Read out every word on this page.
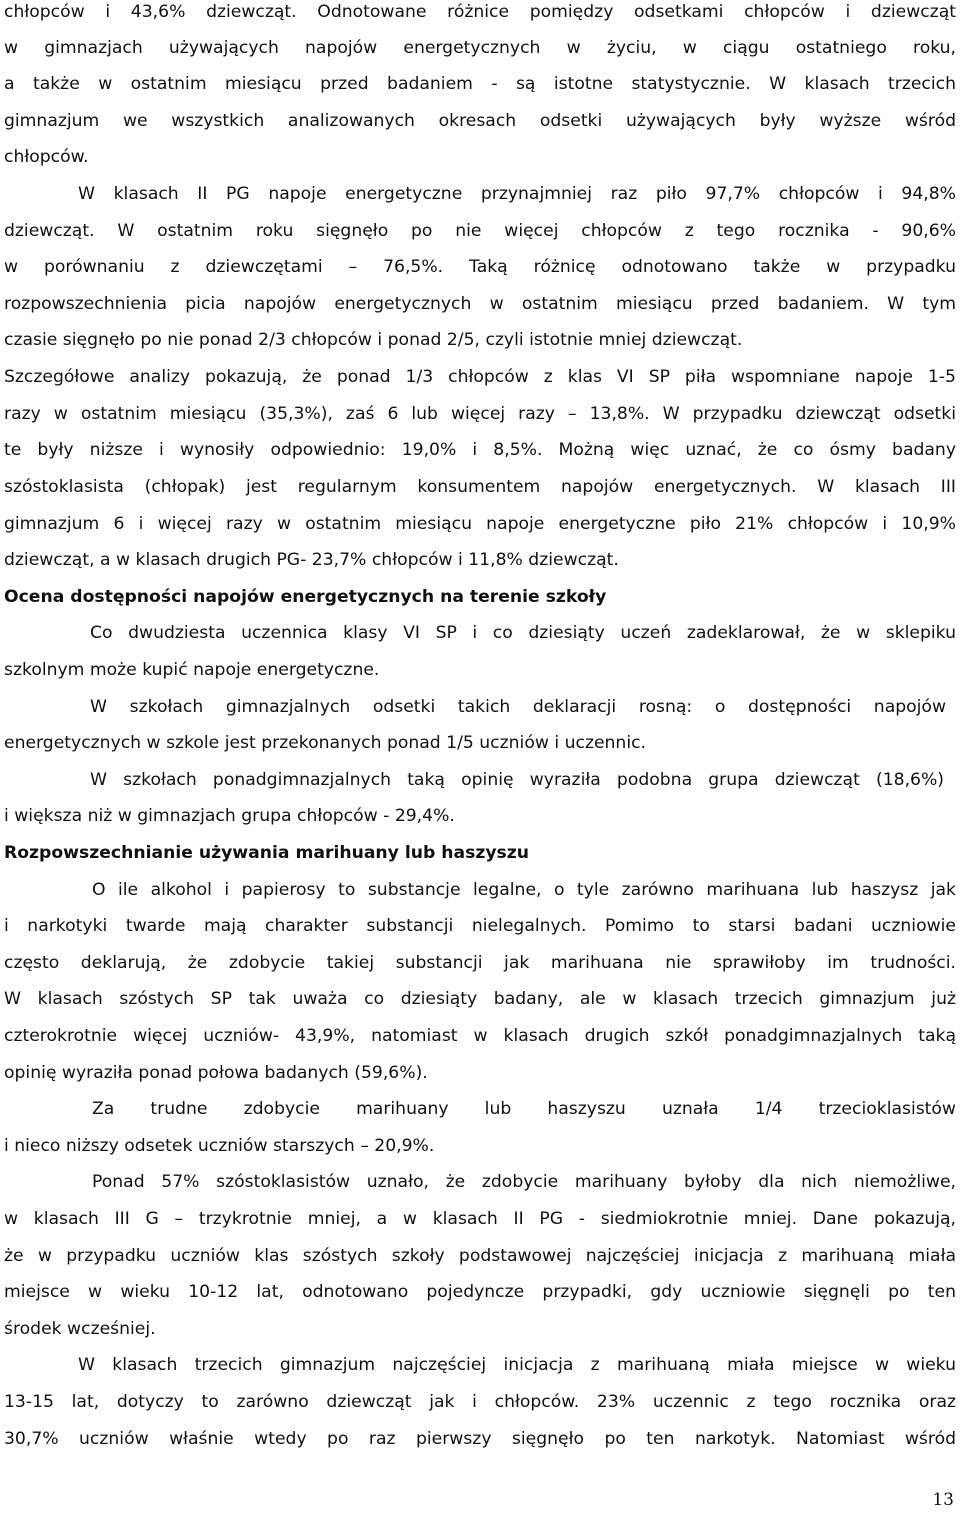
chłopców i 43,6% dziewcząt. Odnotowane różnice pomiędzy odsetkami chłopców i dziewcząt
w gimnazjach używających napojów energetycznych w życiu, w ciągu ostatniego roku,
a także w ostatnim miesiącu przed badaniem - są istotne statystycznie. W klasach trzecich
gimnazjum we wszystkich analizowanych okresach odsetki używających były wyższe wśród
chłopców.
W klasach II PG napoje energetyczne przynajmniej raz piło 97,7% chłopców i 94,8%
dziewcząt. W ostatnim roku sięgnęło po nie więcej chłopców z tego rocznika - 90,6%
w porównaniu z dziewczętami – 76,5%. Taką różnicę odnotowano także w przypadku
rozpowszechnienia picia napojów energetycznych w ostatnim miesiącu przed badaniem. W tym
czasie sięgnęło po nie ponad 2/3 chłopców i ponad 2/5, czyli istotnie mniej dziewcząt.
Szczegółowe analizy pokazują, że ponad 1/3 chłopców z klas VI SP piła wspomniane napoje 1-5
razy w ostatnim miesiącu (35,3%), zaś 6 lub więcej razy – 13,8%. W przypadku dziewcząt odsetki
te były niższe i wynosiły odpowiednio: 19,0% i 8,5%. Możną więc uznać, że co ósmy badany
szóstoklasista (chłopak) jest regularnym konsumentem napojów energetycznych. W klasach III
gimnazjum 6 i więcej razy w ostatnim miesiącu napoje energetyczne piło 21% chłopców i 10,9%
dziewcząt, a w klasach drugich PG- 23,7% chłopców i 11,8% dziewcząt.
Ocena dostępności napojów energetycznych na terenie szkoły
Co dwudziesta uczennica klasy VI SP i co dziesiąty uczeń zadeklarował, że w sklepiku
szkolnym może kupić napoje energetyczne.
W szkołach gimnazjalnych odsetki takich deklaracji rosną: o dostępności napojów
energetycznych w szkole jest przekonanych ponad 1/5 uczniów i uczennic.
W szkołach ponadgimnazjalnych taką opinię wyraziła podobna grupa dziewcząt (18,6%)
i większa niż w gimnazjach grupa chłopców - 29,4%.
Rozpowszechnianie używania marihuany lub haszyszu
O ile alkohol i papierosy to substancje legalne, o tyle zarówno marihuana lub haszysz jak
i narkotyki twarde mają charakter substancji nielegalnych. Pomimo to starsi badani uczniowie
często deklarują, że zdobycie takiej substancji jak marihuana nie sprawiłoby im trudności.
W klasach szóstych SP tak uważa co dziesiąty badany, ale w klasach trzecich gimnazjum już
czterokrotnie więcej uczniów- 43,9%, natomiast w klasach drugich szkół ponadgimnazjalnych taką
opinię wyraziła ponad połowa badanych (59,6%).
Za trudne zdobycie marihuany lub haszyszu uznała 1/4 trzecioklasistów
i nieco niższy odsetek uczniów starszych – 20,9%.
Ponad 57% szóstoklasistów uznało, że zdobycie marihuany byłoby dla nich niemożliwe,
w klasach III G – trzykrotnie mniej, a w klasach II PG - siedmiokrotnie mniej. Dane pokazują,
że w przypadku uczniów klas szóstych szkoły podstawowej najczęściej inicjacja z marihuaną miała
miejsce w wieku 10-12 lat, odnotowano pojedyncze przypadki, gdy uczniowie sięgnęli po ten
środek wcześniej.
W klasach trzecich gimnazjum najczęściej inicjacja z marihuaną miała miejsce w wieku
13-15 lat, dotyczy to zarówno dziewcząt jak i chłopców. 23% uczennic z tego rocznika oraz
30,7% uczniów właśnie wtedy po raz pierwszy sięgnęło po ten narkotyk. Natomiast wśród
13
